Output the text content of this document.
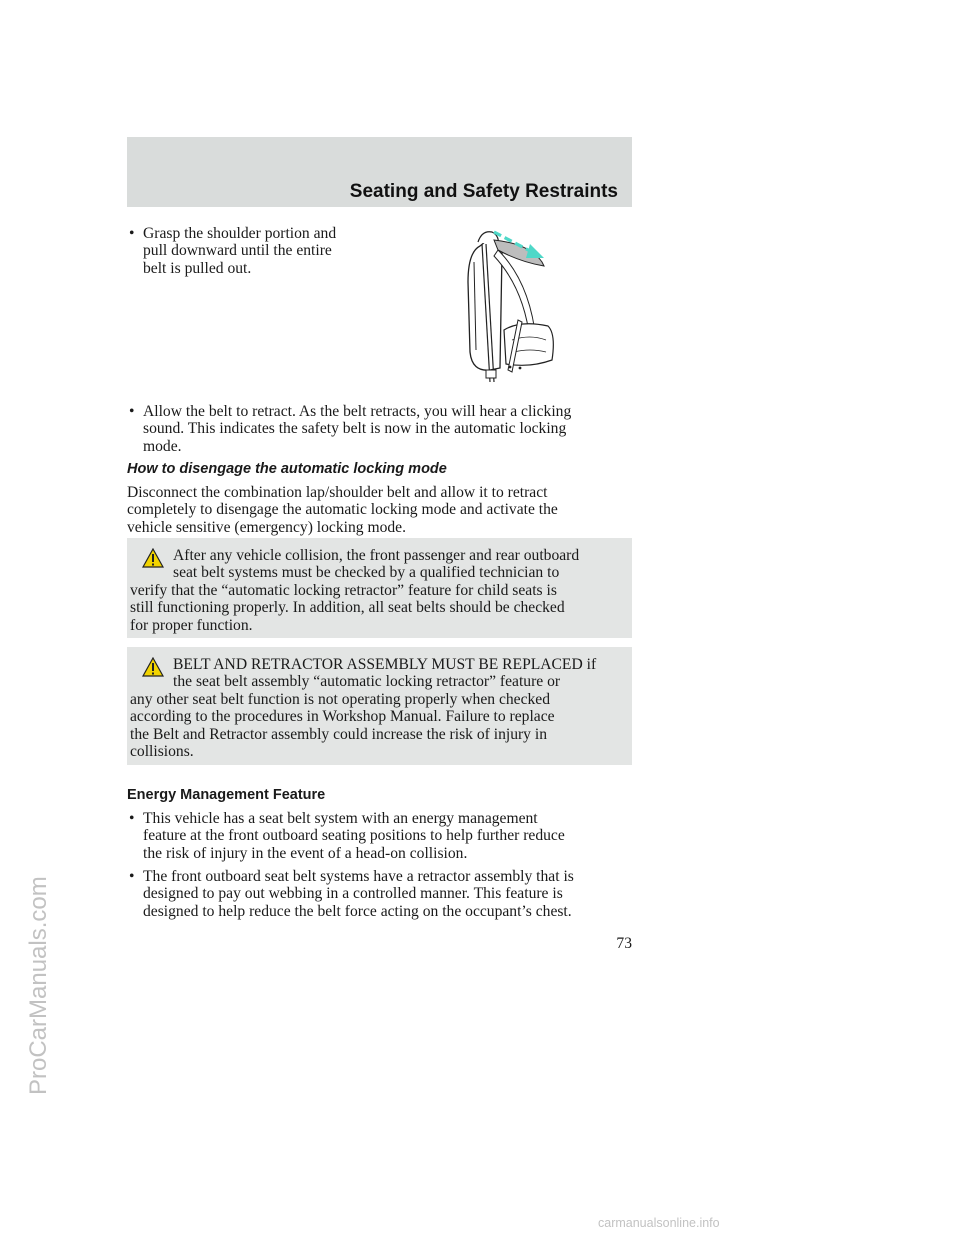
Seating and Safety Restraints
• Grasp the shoulder portion and
pull downward until the entire
belt is pulled out.
• Allow the belt to retract. As the belt retracts, you will hear a clicking
sound. This indicates the safety belt is now in the automatic locking
mode.
How to disengage the automatic locking mode
Disconnect the combination lap/shoulder belt and allow it to retract
completely to disengage the automatic locking mode and activate the
vehicle sensitive (emergency) locking mode.
After any vehicle collision, the front passenger and rear outboard
seat belt systems must be checked by a qualified technician to
verify that the “automatic locking retractor” feature for child seats is
still functioning properly. In addition, all seat belts should be checked
for proper function.
BELT AND RETRACTOR ASSEMBLY MUST BE REPLACED if
the seat belt assembly “automatic locking retractor” feature or
any other seat belt function is not operating properly when checked
according to the procedures in Workshop Manual. Failure to replace
the Belt and Retractor assembly could increase the risk of injury in
collisions.
Energy Management Feature
• This vehicle has a seat belt system with an energy management
feature at the front outboard seating positions to help further reduce
the risk of injury in the event of a head-on collision.
• The front outboard seat belt systems have a retractor assembly that is
designed to pay out webbing in a controlled manner. This feature is
designed to help reduce the belt force acting on the occupant’s chest.
73
ProCarManuals.com
carmanualsonline.info
